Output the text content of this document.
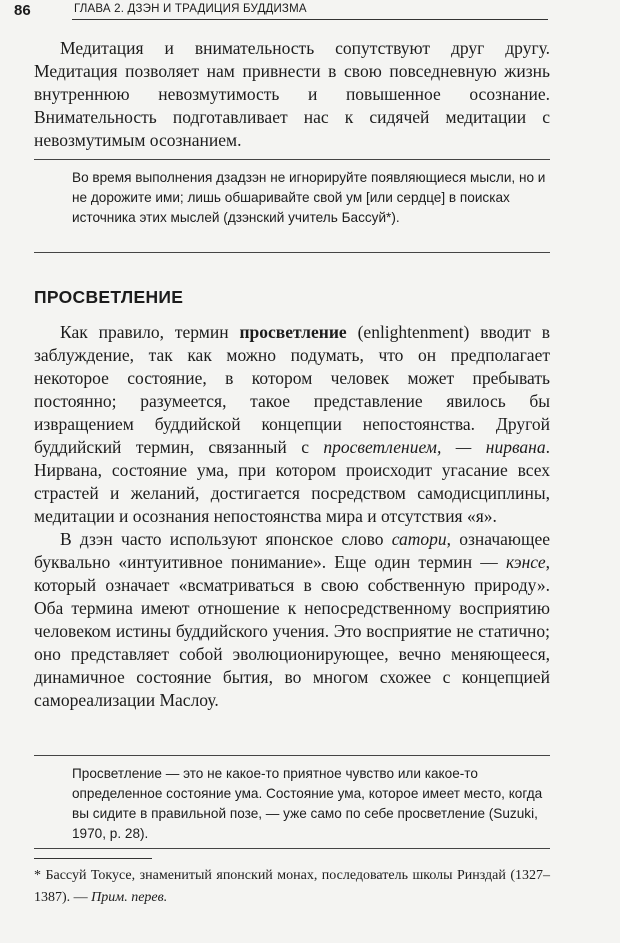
86	ГЛАВА 2. ДЗЭН И ТРАДИЦИЯ БУДДИЗМА

Медитация и внимательность сопутствуют друг другу. Медитация позволяет нам привнести в свою повседневную жизнь внутреннюю невозмутимость и повышенное осознание. Внимательность подготавливает нас к сидячей медитации с невозмутимым осознанием.

Во время выполнения дзадзэн не игнорируйте появляющиеся мысли, но и не дорожите ими; лишь обшаривайте свой ум [или сердце] в поисках источника этих мыслей (дзэнский учитель Бассуй*).
ПРОСВЕТЛЕНИЕ

Как правило, термин просветление (enlightenment) вводит в заблуждение, так как можно подумать, что он предполагает некоторое состояние, в котором человек может пребывать постоянно; разумеется, такое представление явилось бы извращением буддийской концепции непостоянства. Другой буддийский термин, связанный с просветлением, — нирвана. Нирвана, состояние ума, при котором происходит угасание всех страстей и желаний, достигается посредством самодисциплины, медитации и осознания непостоянства мира и отсутствия «я».

В дзэн часто используют японское слово сатори, означающее буквально «интуитивное понимание». Еще один термин — кэнсе, который означает «всматриваться в свою собственную природу». Оба термина имеют отношение к непосредственному восприятию человеком истины буддийского учения. Это восприятие не статично; оно представляет собой эволюционирующее, вечно меняющееся, динамичное состояние бытия, во многом схожее с концепцией самореализации Маслоу.

Просветление — это не какое-то приятное чувство или какое-то определенное состояние ума. Состояние ума, которое имеет место, когда вы сидите в правильной позе, — уже само по себе просветление (Suzuki, 1970, p. 28).
* Бассуй Токусе, знаменитый японский монах, последователь школы Ринздай (1327–1387). — Прим. перев.
